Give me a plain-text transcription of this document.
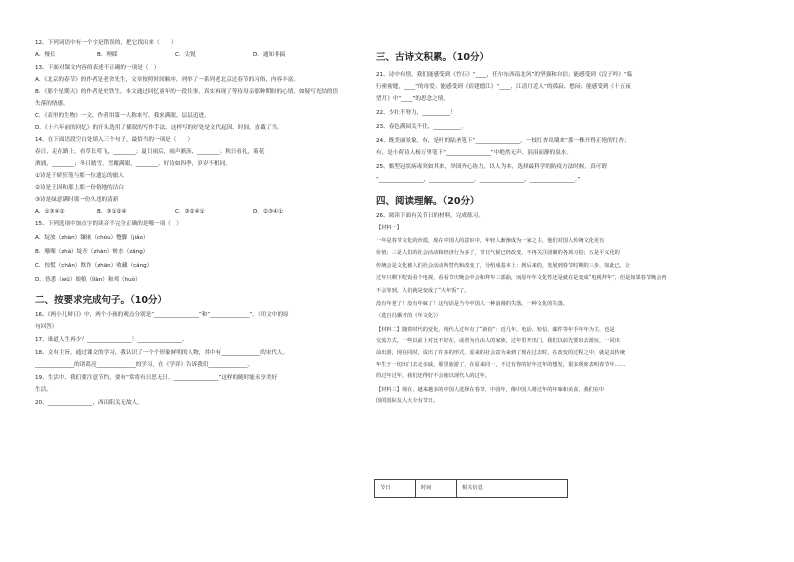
12、下列词语中有一个字是错误的，把它找出来（　　）

A．慢长	B．理睬	C．尖锐	D．通知非搞

13、下面对课文内容的表述不正确的一项是（　）

A．《北京的春节》的作者是老舍先生，文章按照时间顺序，列举了一系列老北京过春节的习俗，内容丰富。

B．《那个星期天》的作者是史铁生，本文通过回忆童年的一段往事，真实再现了等待母亲那种期盼的心情，如疑写光结的语

失落的情感。

C．《表里的生物》一文，作者用第一人称来写，我来满眼，层层追进。

D．《十六年前的回忆》的开头选用了插叙的写作手法，这样写的好处是文代起因、时间，直截了当。

14、在下面语段空白处填入三个句子，最恰当的一项是（　　）

春日，走在路上，看草长莺飞，________；夏日雨后，雨声淅沥，________；秋日看礼，菊花

酒浦，________；冬日踏雪，雪覆满眼，________。好诗如四季，岁岁不相同。

①诗是千娇狂笔与那一位遗忘的旅人

②诗是王因和那上那一份俗地的洁白

③诗是绿意满时那一份久违的清新

A．①③④②	B．③①②④	C．③②④①	D．②③④①

15、下列选项中加点字的读音不完全正确的是哪一项（　）

A．绽放（zhàn）镶嵌（chóu）蹩脚（jiǎo）

B．珊瑚（zhà）绽开（zhàn）赃水（zāng）

C．惊慌（chǎn）欺诈（zhān）收藏（cáng）

D．皆悉（wǔ）娘娘（lǐàn）和邦（huò）

二、按要求完成句子。（10分）

16、《两小儿辩日》中，两个小孩的观点分别是“________________”和“______________”。（用文中的原

句回答）

17、谁道人生再少？________________！________________。

18、文有主旨，通过课文的学习，我认识了一个个形象鲜明的人物，其中有______________的宋代人。

______________的诸葛亮______________的学习，在《学弈》告诉我们______________。

19、生活中，我们要注意节约，要有“常将有日思无日，________________”这样的随时能永享美好

生活。

20、________________，西出阳关无故人。

三、古诗文积累。（10分）

21、诗中有情，我们能感受到《竹石》“____，任尔东西南北风”的坚强和自信；能感受到《浣子吟》“临

行密密缝，____”的母爱；能感受到《宿建德江》“____，江清月近人”的孤寂、愁闷；能感受到《十五夜

望月》中“____”的思念之情。

22、少壮不努力，__________！

23、春色满园关不住，__________。

24、既美丽景象，有，是叶的陆圣笔下“________________，一枝红杏出墙来”那一株开得正艳的红杏；

有，是小荷诗人杨万里笔下“________________”中绝然无声、涓涓而静的泉水。

25、甄型冠状病毒突如其来，举国齐心协力，以人为本，选择最科学的防疫方法时候，真可谓

“________________，________________，________________，________________。”

四、阅读理解。（20分）

26、阅读下面有关节日的材料，完成练习。

【材料一】

一年是春节文化的沙漠，现在中国人的意识中，年轻人渐渐成为一家之主，他们对国人传统文化更有

价值；三是人们的社会活动和经济行为多了，节日气候已经改变，不再关注团聚的各项习俗；五是平义化的

传统会是文化被人们社会活动所替代和改变了，分组成基本上：到后来的，发展到春节时期的三步，如此已，让

过年只剩下吃饭看个电视，看看节庆晚会中会和拜年三部曲，而原年年文化性还是就在是变成“电视拜年”，但是如果春节晚会再

不会等到，人们就是变成了“大年饭”了。

没有年老了！没有年味了！这句话是当今中国人一种浪漫的失落，一种文化的失落。

（选自冯骥才的《年文化》）

【材料二】随着时代的变化，现代人过年有了“新俗”：近几年，电话、短信、邮件等年手年年为主，也是

交流方式。一些以前上对比不好在，或者为自由人的家族，过年里开出门，我们以前先要出去游玩，一同出

前出游，现在同时，说出了许多的形式，原来的社会意为来到了现在过去时，在改变的过程之中，就是其传统

年生于一切出门去走亲戚，那里旅游了，在原来同一，不过有你的好年过年的想发，很多现象表明春节年……

的过年过年，我们还得好不会使以现代人的过年。

【材料三】现在，越来越多的中国人选择在春节，中国年，像中国人将过年的年味和美食，我们在中

国的国际友人大全有节日。

节日	时间	相关信息
